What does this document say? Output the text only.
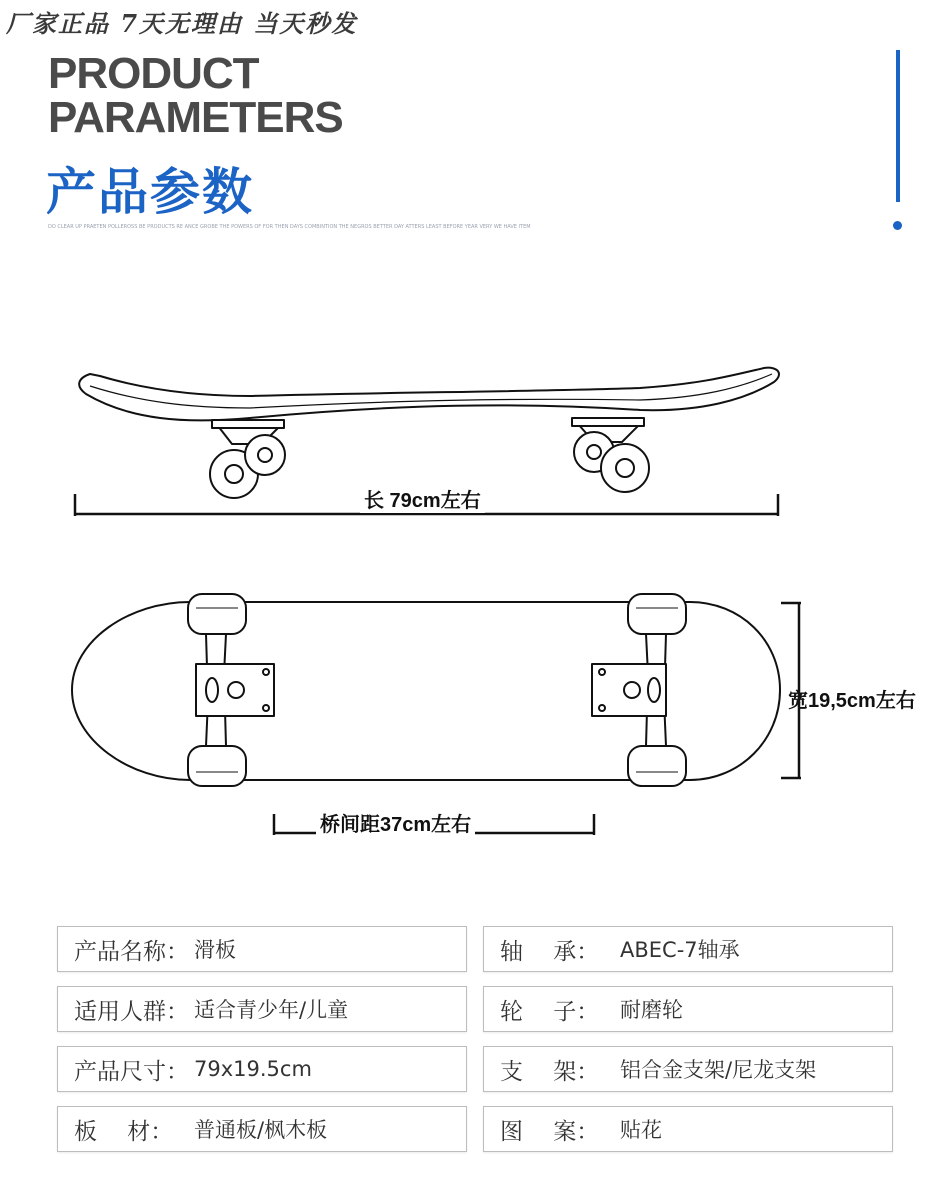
厂家正品 7天无理由 当天秒发
PRODUCT
PARAMETERS
产品参数
DO CLEAR UP PRAETEN POLLEROSS BE PRODUCTS RE ANCE GROBE THE POWERS OF FOR THEN DAYS COMBINTION THE NEGROS BETTER DAY ATTERS LEAST BEFORE YEAR VERY WE HAVE ITEM
长 79cm左右
宽19,5cm左右
桥间距37cm左右
产品名称： 滑板
适用人群： 适合青少年/儿童
产品尺寸： 79x19.5cm
板　 材： 普通板/枫木板
轴　 承： ABEC-7轴承
轮　 子： 耐磨轮
支　 架： 铝合金支架/尼龙支架
图　 案： 贴花
